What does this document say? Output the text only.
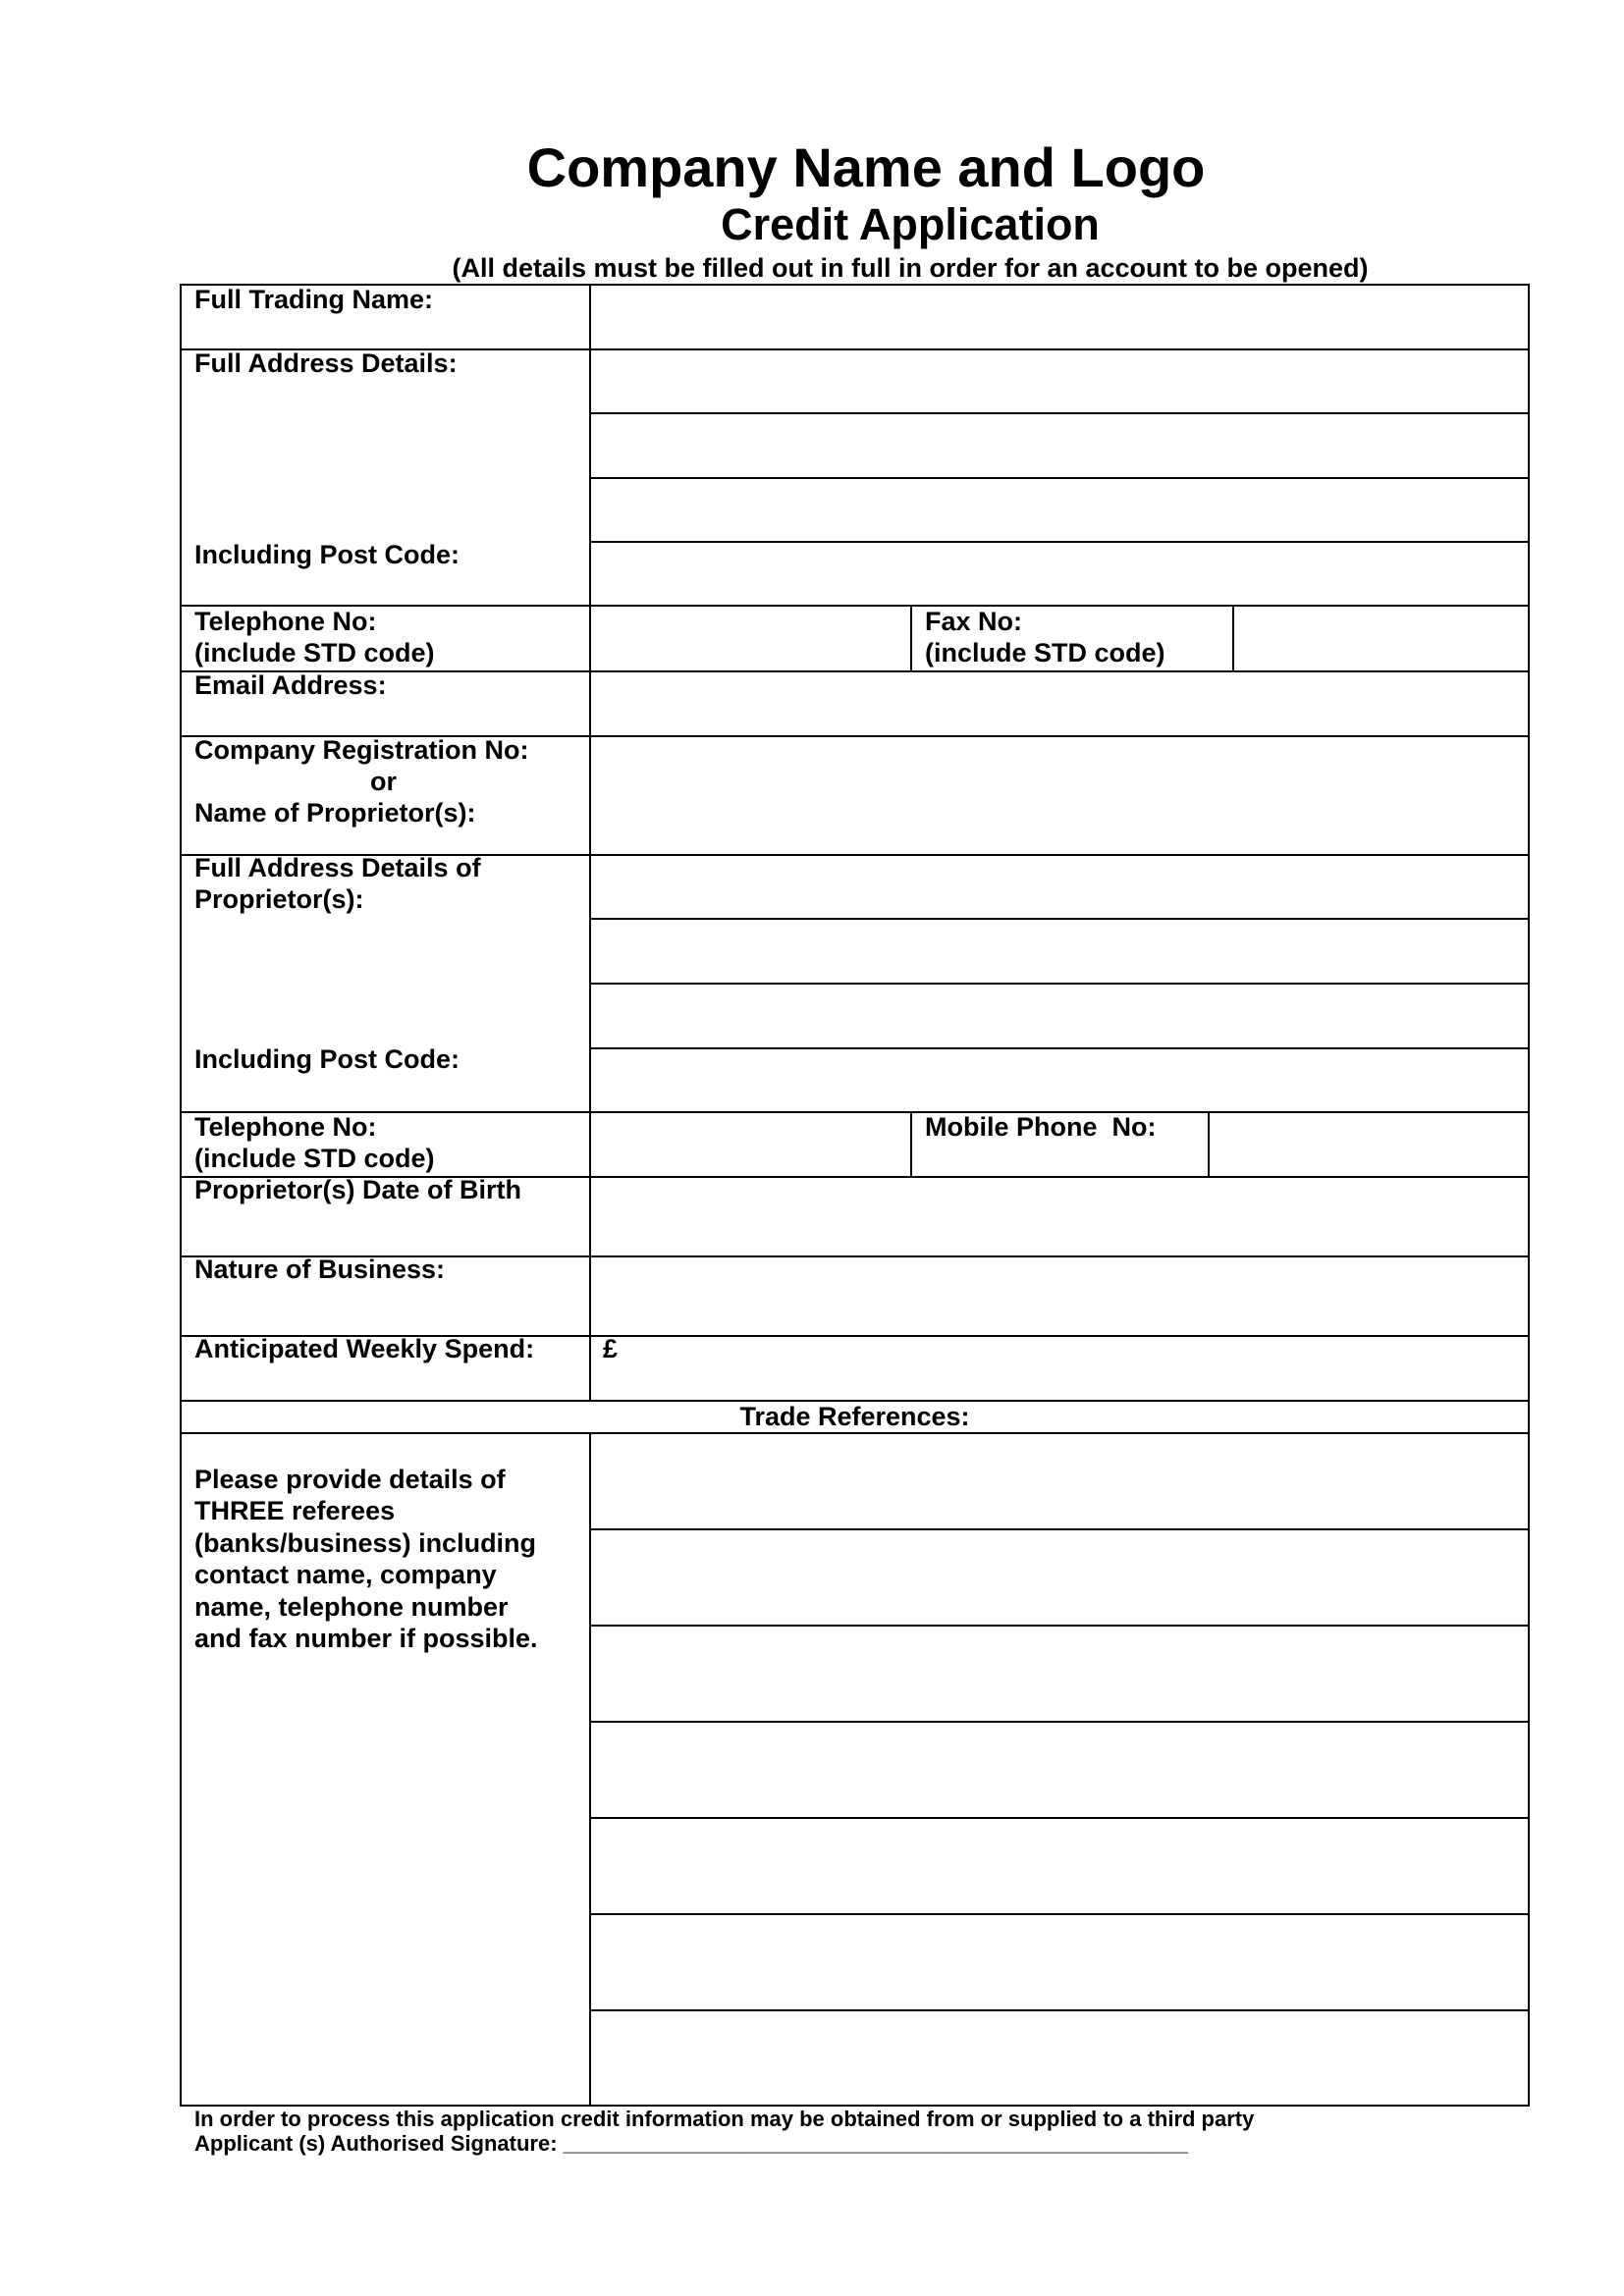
Company Name and Logo
Credit Application
(All details must be filled out in full in order for an account to be opened)
Full Trading Name:
Full Address Details:
Including Post Code:
Telephone No:
(include STD code)
Fax No:
(include STD code)
Email Address:
Company Registration No:
or
Name of Proprietor(s):
Full Address Details of
Proprietor(s):
Including Post Code:
Telephone No:
(include STD code)
Mobile Phone  No:
Proprietor(s) Date of Birth
Nature of Business:
Anticipated Weekly Spend:	£
Trade References:
Please provide details of
THREE referees
(banks/business) including
contact name, company
name, telephone number
and fax number if possible.
In order to process this application credit information may be obtained from or supplied to a third party
Applicant (s) Authorised Signature: ____________________________________________________
